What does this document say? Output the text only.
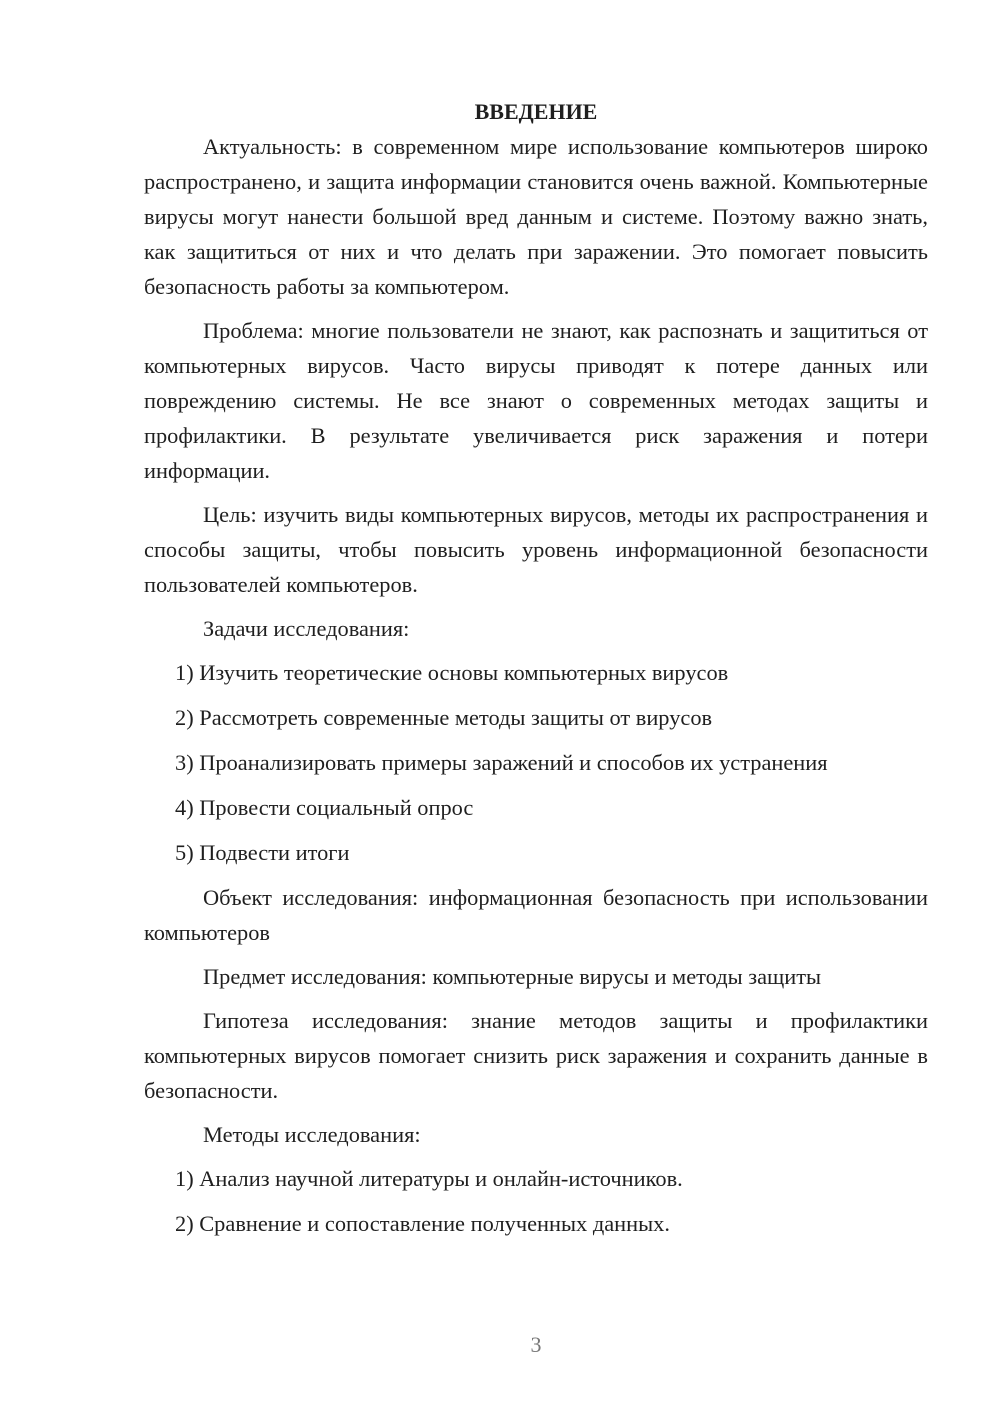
ВВЕДЕНИЕ

Актуальность: в современном мире использование компьютеров широко распространено, и защита информации становится очень важной. Компьютерные вирусы могут нанести большой вред данным и системе. Поэтому важно знать, как защититься от них и что делать при заражении. Это помогает повысить безопасность работы за компьютером.

Проблема: многие пользователи не знают, как распознать и защититься от компьютерных вирусов. Часто вирусы приводят к потере данных или повреждению системы. Не все знают о современных методах защиты и профилактики. В результате увеличивается риск заражения и потери информации.

Цель: изучить виды компьютерных вирусов, методы их распространения и способы защиты, чтобы повысить уровень информационной безопасности пользователей компьютеров.

Задачи исследования:

1) Изучить теоретические основы компьютерных вирусов

2) Рассмотреть современные методы защиты от вирусов

3) Проанализировать примеры заражений и способов их устранения

4) Провести социальный опрос

5) Подвести итоги

Объект исследования: информационная безопасность при использовании компьютеров

Предмет исследования: компьютерные вирусы и методы защиты

Гипотеза исследования: знание методов защиты и профилактики компьютерных вирусов помогает снизить риск заражения и сохранить данные в безопасности.

Методы исследования:

1) Анализ научной литературы и онлайн-источников.

2) Сравнение и сопоставление полученных данных.

3
